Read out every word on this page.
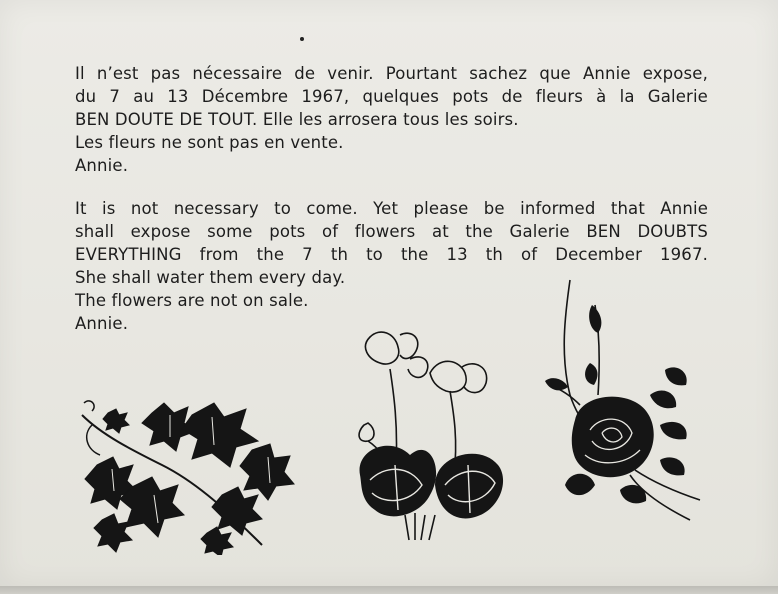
Il n’est pas nécessaire de venir. Pourtant sachez que Annie expose,
du 7 au 13 Décembre 1967, quelques pots de fleurs à la Galerie
BEN DOUTE DE TOUT. Elle les arrosera tous les soirs.
Les fleurs ne sont pas en vente.
Annie.
It is not necessary to come. Yet please be informed that Annie
shall expose some pots of flowers at the Galerie BEN DOUBTS
EVERYTHING from the 7 th to the 13 th of December 1967.
She shall water them every day.
The flowers are not on sale.
Annie.
